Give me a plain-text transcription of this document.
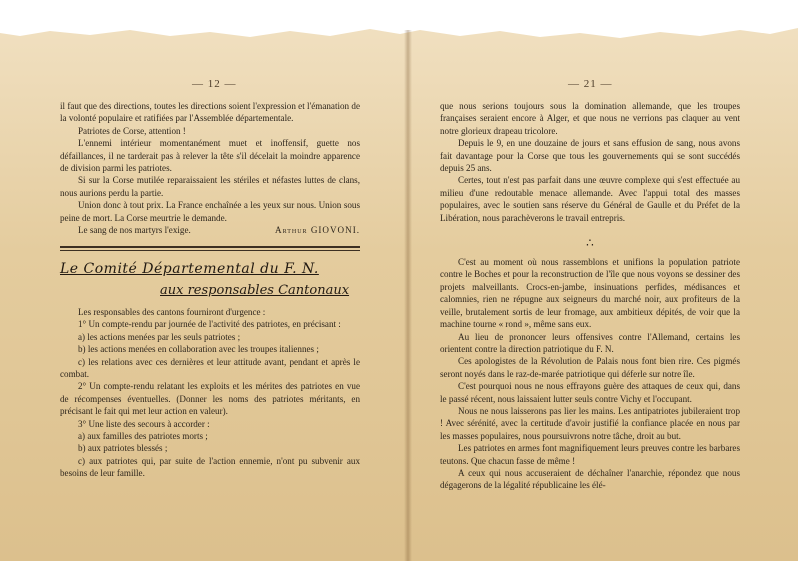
— 12 —	— 21 —

il faut que des directions, toutes les directions soient l'expression et l'émanation de la volonté populaire et ratifiées par l'Assemblée départementale.

Patriotes de Corse, attention !

L'ennemi intérieur momentanément muet et inoffensif, guette nos défaillances, il ne tarderait pas à relever la tête s'il décelait la moindre apparence de division parmi les patriotes.

Si sur la Corse mutilée reparaissaient les stériles et néfastes luttes de clans, nous aurions perdu la partie.

Union donc à tout prix. La France enchaînée a les yeux sur nous. Union sous peine de mort. La Corse meurtrie le demande.

Le sang de nos martyrs l'exige.	Arthur GIOVONI.

Le Comité Départemental du F. N.
aux responsables Cantonaux

Les responsables des cantons fourniront d'urgence :

1° Un compte-rendu par journée de l'activité des patriotes, en précisant :

a) les actions menées par les seuls patriotes ;

b) les actions menées en collaboration avec les troupes italiennes ;

c) les relations avec ces dernières et leur attitude avant, pendant et après le combat.

2° Un compte-rendu relatant les exploits et les mérites des patriotes en vue de récompenses éventuelles. (Donner les noms des patriotes méritants, en précisant le fait qui met leur action en valeur).

3° Une liste des secours à accorder :

a) aux familles des patriotes morts ;

b) aux patriotes blessés ;

c) aux patriotes qui, par suite de l'action ennemie, n'ont pu subvenir aux besoins de leur famille.

que nous serions toujours sous la domination allemande, que les troupes françaises seraient encore à Alger, et que nous ne verrions pas claquer au vent notre glorieux drapeau tricolore.

Depuis le 9, en une douzaine de jours et sans effusion de sang, nous avons fait davantage pour la Corse que tous les gouvernements qui se sont succédés depuis 25 ans.

Certes, tout n'est pas parfait dans une œuvre complexe qui s'est effectuée au milieu d'une redoutable menace allemande. Avec l'appui total des masses populaires, avec le soutien sans réserve du Général de Gaulle et du Préfet de la Libération, nous parachèverons le travail entrepris.

∴

C'est au moment où nous rassemblons et unifions la population patriote contre le Boches et pour la reconstruction de l'île que nous voyons se dessiner des projets malveillants. Crocs-en-jambe, insinuations perfides, médisances et calomnies, rien ne répugne aux seigneurs du marché noir, aux profiteurs de la veille, brutalement sortis de leur fromage, aux ambitieux dépités, de voir que la machine tourne « rond », même sans eux.

Au lieu de prononcer leurs offensives contre l'Allemand, certains les orientent contre la direction patriotique du F. N.

Ces apologistes de la Révolution de Palais nous font bien rire. Ces pigmés seront noyés dans le raz-de-marée patriotique qui déferle sur notre île.

C'est pourquoi nous ne nous effrayons guère des attaques de ceux qui, dans le passé récent, nous laissaient lutter seuls contre Vichy et l'occupant.

Nous ne nous laisserons pas lier les mains. Les antipatriotes jubileraient trop ! Avec sérénité, avec la certitude d'avoir justifié la confiance placée en nous par les masses populaires, nous poursuivrons notre tâche, droit au but.

Les patriotes en armes font magnifiquement leurs preuves contre les barbares teutons. Que chacun fasse de même !

A ceux qui nous accuseraient de déchaîner l'anarchie, répondez que nous dégagerons de la légalité républicaine les élé-
